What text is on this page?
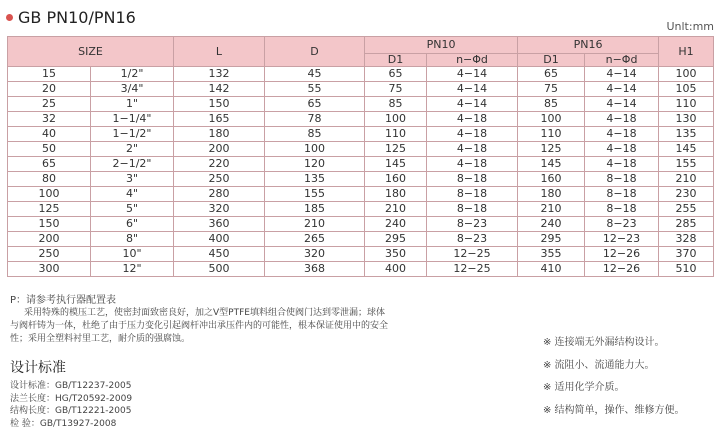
GB PN10/PN16	Unlt:mm
SIZE		L	D	PN10		PN16		H1
				D1	n−Φd	D1	n−Φd	
15	1/2"	132	45	65	4−14	65	4−14	100
20	3/4"	142	55	75	4−14	75	4−14	105
25	1"	150	65	85	4−14	85	4−14	110
32	1−1/4"	165	78	100	4−18	100	4−18	130
40	1−1/2"	180	85	110	4−18	110	4−18	135
50	2"	200	100	125	4−18	125	4−18	145
65	2−1/2"	220	120	145	4−18	145	4−18	155
80	3"	250	135	160	8−18	160	8−18	210
100	4"	280	155	180	8−18	180	8−18	230
125	5"	320	185	210	8−18	210	8−18	255
150	6"	360	210	240	8−23	240	8−23	285
200	8"	400	265	295	8−23	295	12−23	328
250	10"	450	320	350	12−25	355	12−26	370
300	12"	500	368	400	12−25	410	12−26	510
P：请参考执行器配置表
采用特殊的模压工艺，使密封面致密良好，加之V型PTFE填料组合使阀门达到零泄漏；球体与阀杆铸为一体，杜绝了由于压力变化引起阀杆冲出承压件内的可能性，根本保证使用中的安全性；采用全塑料衬里工艺，耐介质的强腐蚀。
设计标准
设计标准：GB/T12237-2005
法兰长度：HG/T20592-2009
结构长度：GB/T12221-2005
检 验：GB/T13927-2008
※ 连接端无外漏结构设计。
※ 流阻小、流通能力大。
※ 适用化学介质。
※ 结构简单，操作、维修方便。
